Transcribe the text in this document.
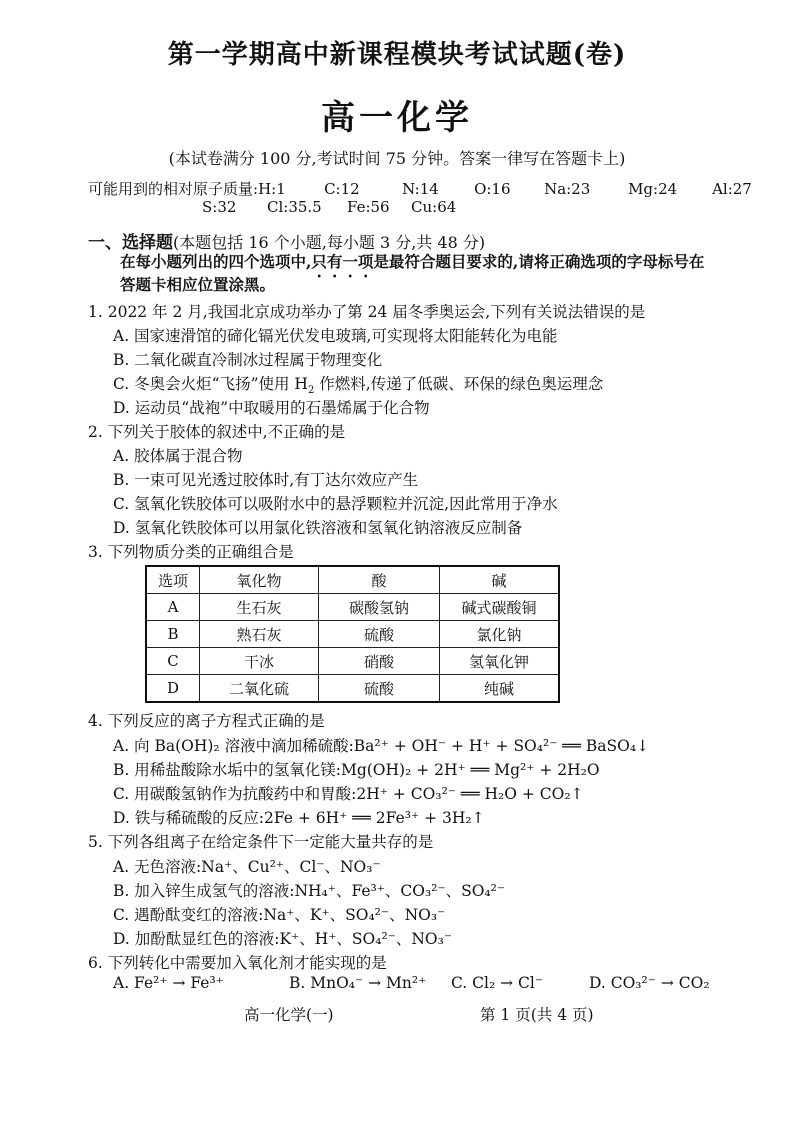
第一学期高中新课程模块考试试题(卷)
高一化学
(本试卷满分 100 分,考试时间 75 分钟。答案一律写在答题卡上)
可能用到的相对原子质量:H:1	C:12	N:14 O:16 Na:23	Mg:24 Al:27
S:32 Cl:35.5 Fe:56 Cu:64
一、选择题(本题包括 16 个小题,每小题 3 分,共 48 分)
在每小题列出的四个选项中,只有一项是最符合题目要求的,请将正确选项的字母标号在
答题卡相应位置涂黑。
1. 2022 年 2 月,我国北京成功举办了第 24 届冬季奥运会,下列有关说法错误的是
A. 国家速滑馆的碲化镉光伏发电玻璃,可实现将太阳能转化为电能
B. 二氧化碳直冷制冰过程属于物理变化
C. 冬奥会火炬“飞扬”使用 $H_2$ 作燃料,传递了低碳、环保的绿色奥运理念
D. 运动员“战袍”中取暖用的石墨烯属于化合物
2. 下列关于胶体的叙述中,不正确的是
A. 胶体属于混合物
B. 一束可见光透过胶体时,有丁达尔效应产生
C. 氢氧化铁胶体可以吸附水中的悬浮颗粒并沉淀,因此常用于净水
D. 氢氧化铁胶体可以用氯化铁溶液和氢氧化钠溶液反应制备
3. 下列物质分类的正确组合是
选项	氧化物	酸	碱
A	生石灰	碳酸氢钠	碱式碳酸铜
B	熟石灰	硫酸	氯化钠
C	干冰	硝酸	氢氧化钾
D	二氧化硫	硫酸	纯碱
4. 下列反应的离子方程式正确的是
A. 向 Ba(OH)₂ 溶液中滴加稀硫酸:Ba²⁺ + OH⁻ + H⁺ + SO₄²⁻ ══ BaSO₄↓
B. 用稀盐酸除水垢中的氢氧化镁:Mg(OH)₂ + 2H⁺ ══ Mg²⁺ + 2H₂O
C. 用碳酸氢钠作为抗酸药中和胃酸:2H⁺ + CO₃²⁻ ══ H₂O + CO₂↑
D. 铁与稀硫酸的反应:2Fe + 6H⁺ ══ 2Fe³⁺ + 3H₂↑
5. 下列各组离子在给定条件下一定能大量共存的是
A. 无色溶液:Na⁺、Cu²⁺、Cl⁻、NO₃⁻
B. 加入锌生成氢气的溶液:NH₄⁺、Fe³⁺、CO₃²⁻、SO₄²⁻
C. 遇酚酞变红的溶液:Na⁺、K⁺、SO₄²⁻、NO₃⁻
D. 加酚酞显红色的溶液:K⁺、H⁺、SO₄²⁻、NO₃⁻
6. 下列转化中需要加入氧化剂才能实现的是
A. Fe²⁺ → Fe³⁺	B. MnO₄⁻ → Mn²⁺ C. Cl₂ → Cl⁻	D. CO₃²⁻ → CO₂
高一化学(一)	第 1 页(共 4 页)
